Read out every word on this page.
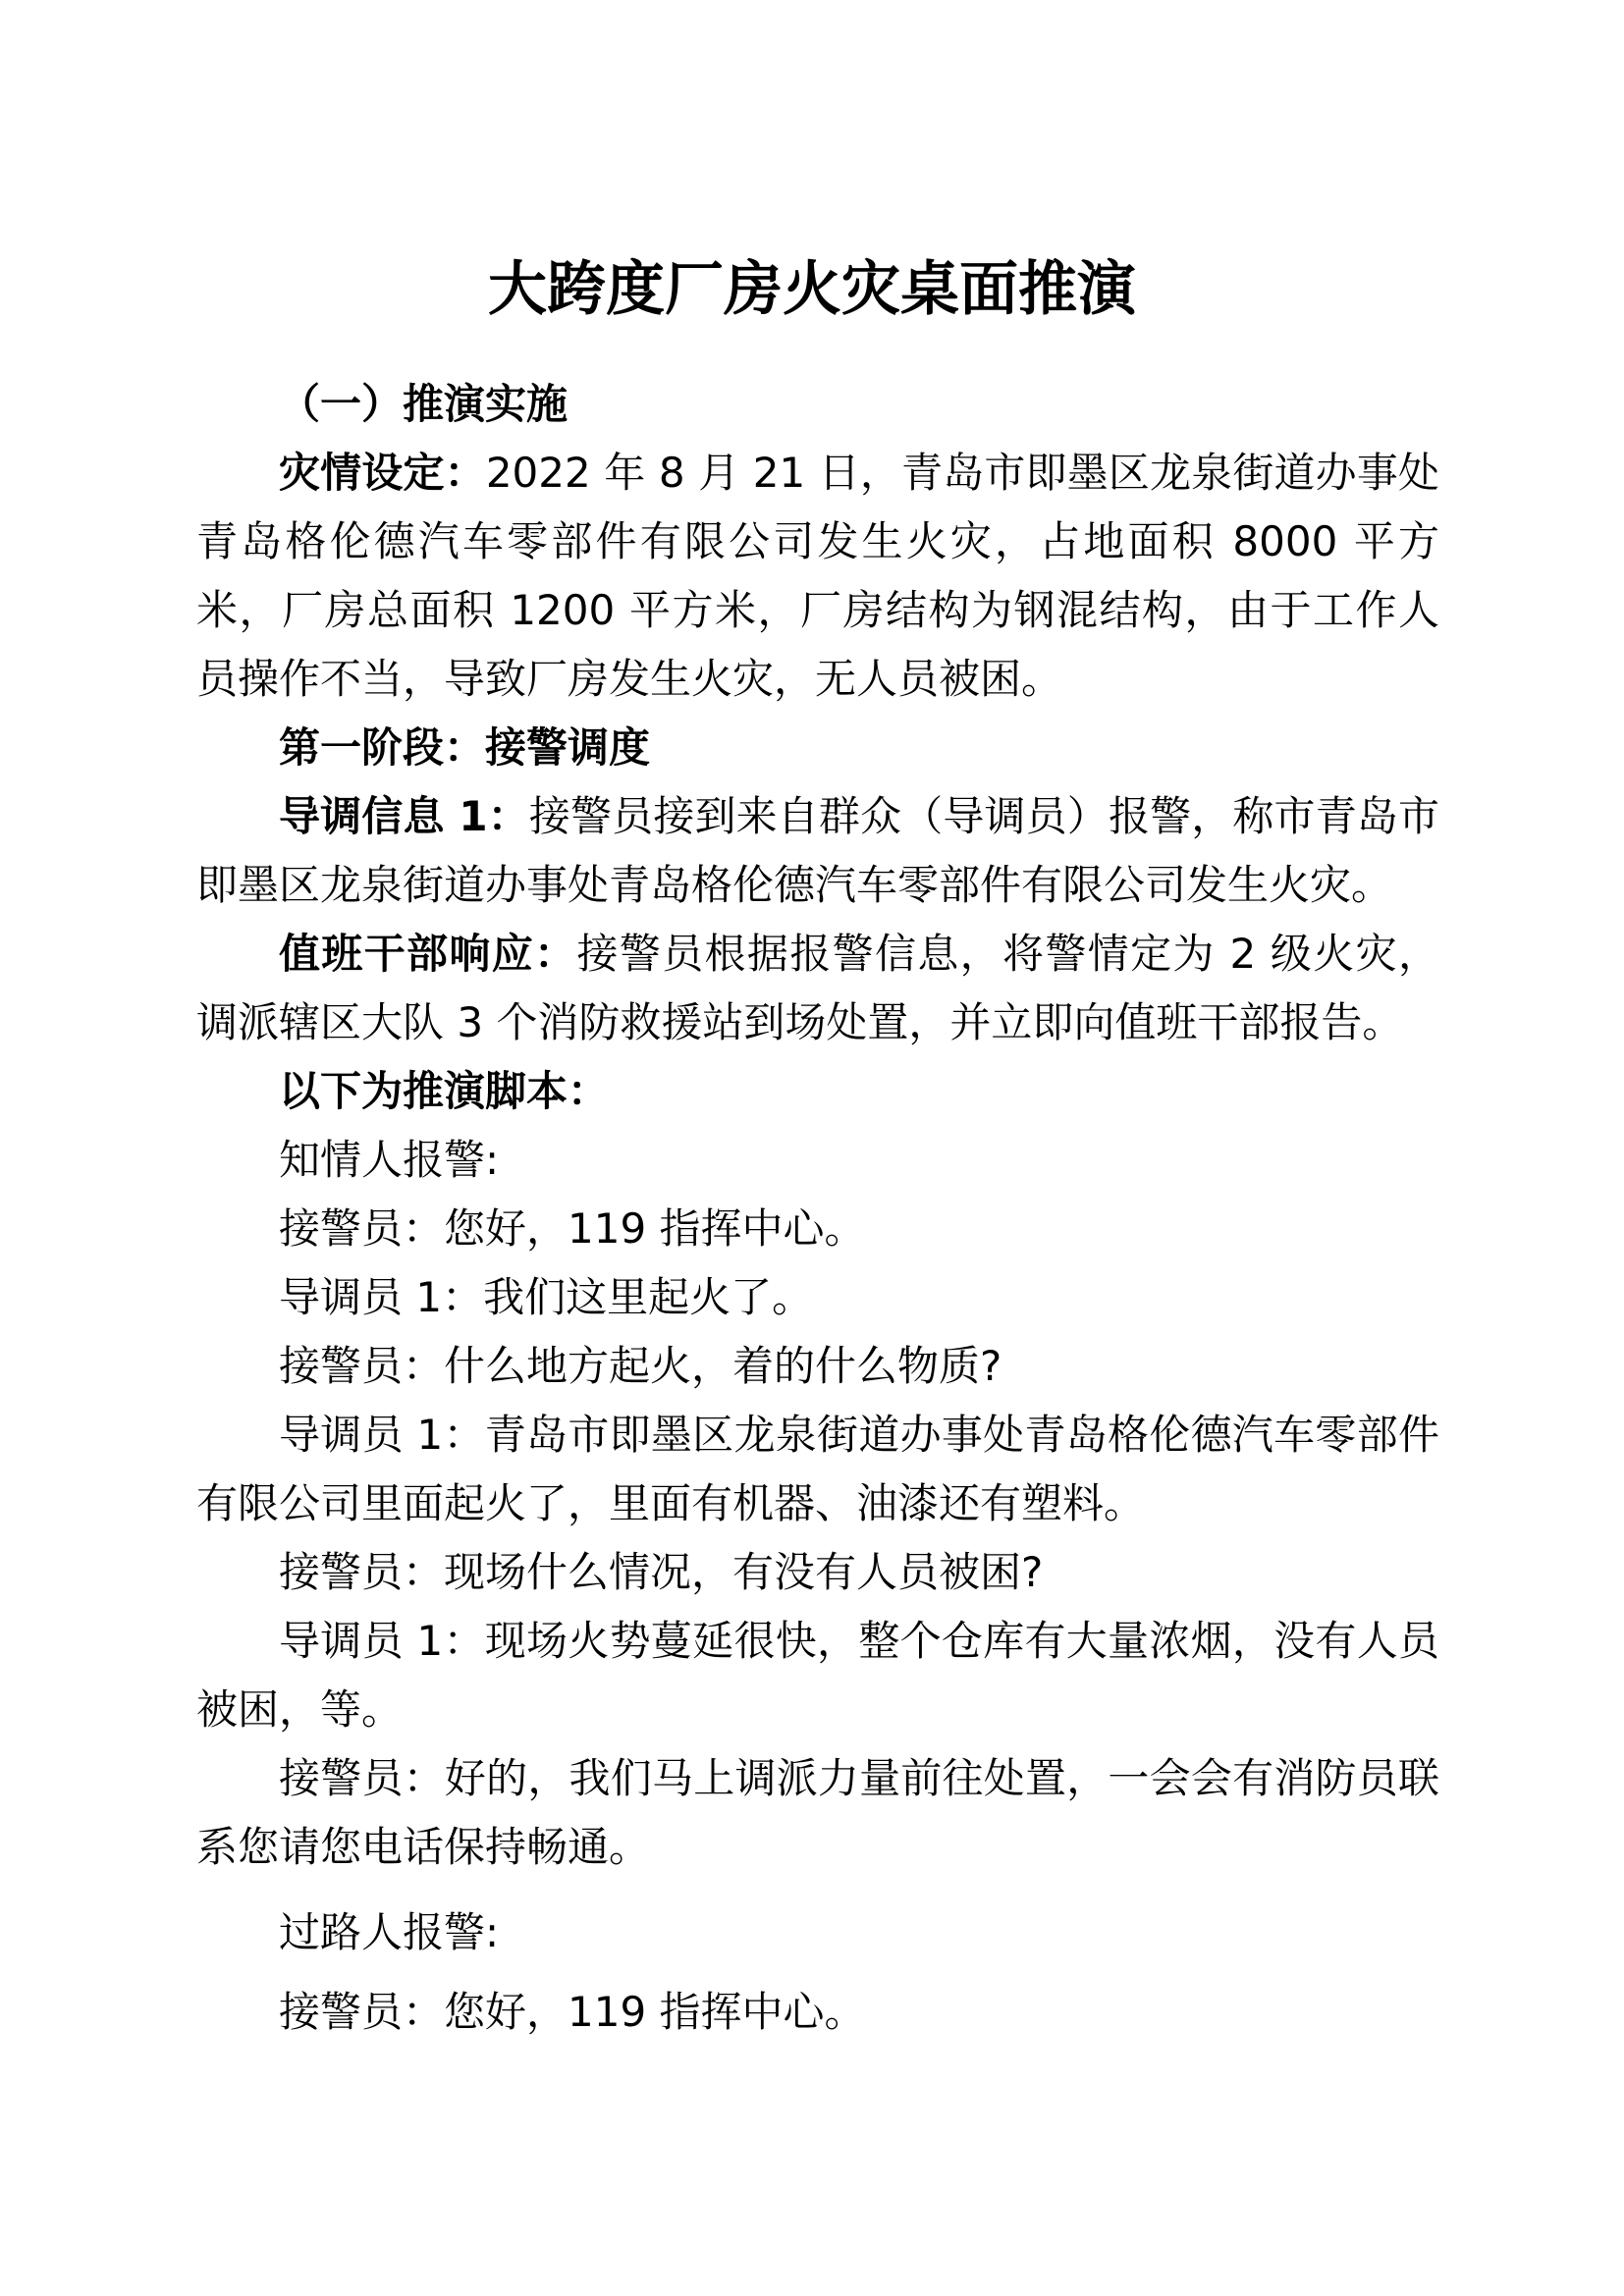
大跨度厂房火灾桌面推演

（一）推演实施

灾情设定：2022 年 8 月 21 日，青岛市即墨区龙泉街道办事处青岛格伦德汽车零部件有限公司发生火灾，占地面积 8000 平方米，厂房总面积 1200 平方米，厂房结构为钢混结构，由于工作人员操作不当，导致厂房发生火灾，无人员被困。

第一阶段：接警调度

导调信息 1：接警员接到来自群众（导调员）报警，称市青岛市即墨区龙泉街道办事处青岛格伦德汽车零部件有限公司发生火灾。

值班干部响应：接警员根据报警信息，将警情定为 2 级火灾，调派辖区大队 3 个消防救援站到场处置，并立即向值班干部报告。

以下为推演脚本：

知情人报警:

接警员：您好，119 指挥中心。

导调员 1：我们这里起火了。

接警员：什么地方起火，着的什么物质?

导调员 1：青岛市即墨区龙泉街道办事处青岛格伦德汽车零部件有限公司里面起火了，里面有机器、油漆还有塑料。

接警员：现场什么情况，有没有人员被困?

导调员 1：现场火势蔓延很快，整个仓库有大量浓烟，没有人员被困，等。

接警员：好的，我们马上调派力量前往处置，一会会有消防员联系您请您电话保持畅通。

过路人报警:

接警员：您好，119 指挥中心。
